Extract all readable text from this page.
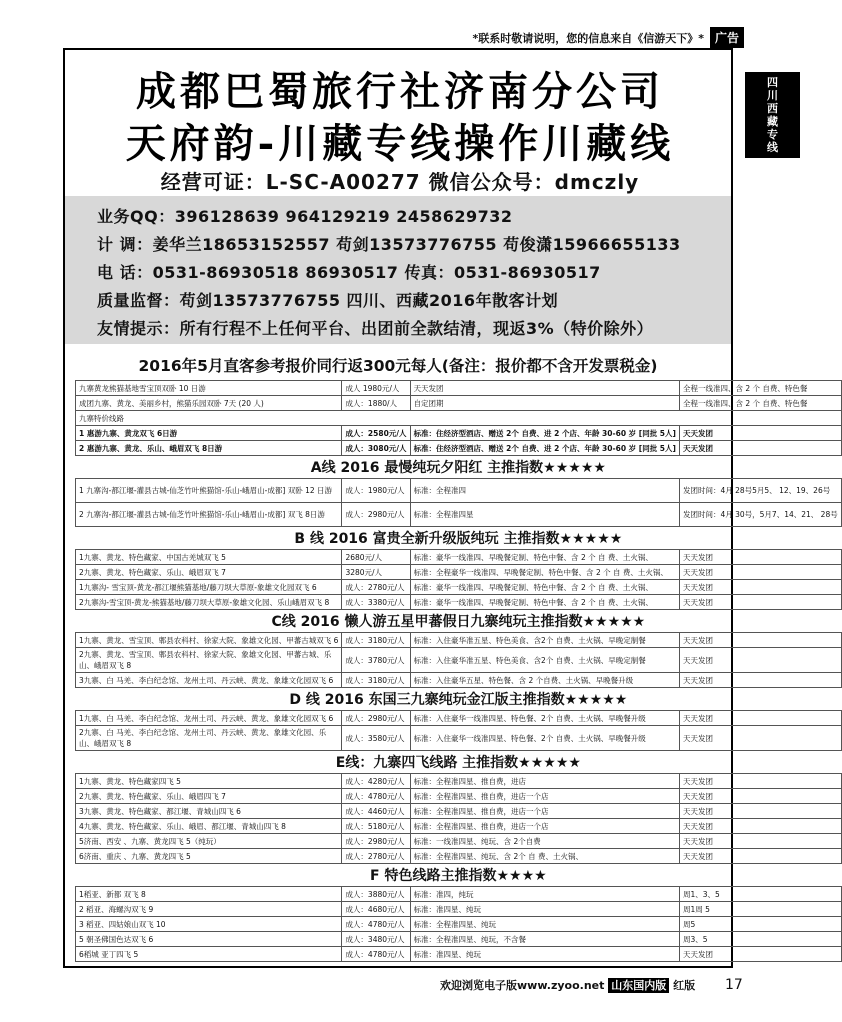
*联系时敬请说明，您的信息来自《信游天下》* 广告
四
川
西
藏
专
线
成都巴蜀旅行社济南分公司
天府韵-川藏专线操作川藏线
经营可证：L-SC-A00277 微信公众号：dmczly
业务QQ：396128639 964129219 2458629732
计 调：姜华兰18653152557 苟剑13573776755 苟俊潇15966655133
电 话：0531-86930518 86930517 传真：0531-86930517
质量监督：苟剑13573776755 四川、西藏2016年散客计划
友情提示：所有行程不上任何平台、出团前全款结清，现返3%（特价除外）
2016年5月直客参考报价同行返300元每人(备注：报价都不含开发票税金)
九寨黄龙熊猫基地雪宝顶双卧 10 日游	成人 1980元/人	天天发团	全程一线准四、含 2 个 自费、特色餐
成团九寨、黄龙、美丽乡村，熊猫乐园双卧 7天 (20 人)	成人：1880/人	自定团期	全程一线准四、含 2 个 自费、特色餐
九寨特价线路			
1 惠游九寨、黄龙双飞 6日游	成人：2580元/人	标准：住经济型酒店、赠送 2个 自费、进 2 个店、年龄 30-60 岁 [同批 5人]	天天发团
2 惠游九寨、黄龙、乐山、峨眉双飞 8日游	成人：3080元/人	标准：住经济型酒店、赠送 2个 自费、进 2 个店、年龄 30-60 岁 [同批 5人]	天天发团
A线 2016 最慢纯玩夕阳红 主推指数★★★★★			
1 九寨沟-都江堰-灌县古城-仙芝竹叶熊猫馆-乐山-峨眉山-成都] 双卧 12 日游	成人：1980元/人	标准：全程准四	发团时间：4月 28号5月5、 12、19、26号
2 九寨沟-都江堰-灌县古城-仙芝竹叶熊猫馆-乐山-峨眉山-成都] 双飞 8日游	成人：2980元/人	标准：全程准四星	发团时间：4月 30号，5月7、14、21、 28号
B 线 2016 富贵全新升级版纯玩 主推指数★★★★★			
1九寨、黄龙、特色藏家、中国古羌城双飞 5	2680元/人	标准：豪华一线准四、早晚餐定制、特色中餐、含 2 个 自 费、土火锅、	天天发团
2九寨、黄龙、特色藏家、乐山、峨眉双飞 7	3280元/人	标准：全程豪华一线准四、早晚餐定制、特色中餐、含 2 个 自 费、土火锅、	天天发团
1九寨沟- 雪宝顶-黄龙-都江堰熊猫基地/藤刀坝大草原-象雄文化园双飞 6	成人：2780元/人	标准：豪华一线准四、早晚餐定制、特色中餐、含 2 个 自 费、土火锅、	天天发团
2九寨沟-雪宝顶-黄龙-熊猫基地/藤刀坝大草原-象雄文化园、乐山峨眉双飞 8	成人：3380元/人	标准：豪华一线准四、早晚餐定制、特色中餐、含 2 个 自 费、土火锅、	天天发团
C线 2016 懒人游五星甲蕃假日九寨纯玩主推指数★★★★★			
1九寨、黄龙、雪宝顶、郫县农科村、徐家大院、象雄文化园、甲蕃古城双飞 6	成人：3180元/人	标准：入住豪华准五星、特色美食、含2个 自费、土火锅、早晚定制餐	天天发团
2九寨、黄龙、雪宝顶、郫县农科村、徐家大院、象雄文化园、甲蕃古城、乐山、峨眉双飞 8	成人：3780元/人	标准：入住豪华准五星、特色美食、含2个 自费、土火锅、早晚定制餐	天天发团
3九寨、白 马羌、李白纪念馆、龙州土司、丹云峡、黄龙、象雄文化园双飞 6	成人：3180元/人	标准：入住豪华五星、特色餐、含 2 个自费、土火锅、早晚餐升级	天天发团
D 线 2016 东国三九寨纯玩金江版主推指数★★★★★			
1九寨、白 马羌、李白纪念馆、龙州土司、丹云峡、黄龙、象雄文化园双飞 6	成人：2980元/人	标准：入住豪华一线准四星、特色餐、2个 自费、土火锅、早晚餐升级	天天发团
2九寨、白 马羌、李白纪念馆、龙州土司、丹云峡、黄龙、象雄文化园、乐山、峨眉双飞 8	成人：3580元/人	标准：入住豪华一线准四星、特色餐、2个 自费、土火锅、早晚餐升级	天天发团
E线：九寨四飞线路 主推指数★★★★★			
1九寨、黄龙、特色藏家四飞 5	成人：4280元/人	标准：全程准四星、推自费，进店	天天发团
2九寨、黄龙、特色藏家、乐山、峨眉四飞 7	成人：4780元/人	标准：全程准四星、推自费，进店一个店	天天发团
3九寨、黄龙、特色藏家、都江堰、青城山四飞 6	成人：4460元/人	标准：全程准四星、推自费，进店一个店	天天发团
4九寨、黄龙、特色藏家、乐山、峨眉、都江堰、青城山四飞 8	成人：5180元/人	标准：全程准四星、推自费，进店一个店	天天发团
5济南、西安 、九寨、黄龙四飞 5（纯玩）	成人：2980元/人	标准：一线准四星、纯玩、含 2个自费	天天发团
6济南、重庆 、九寨、黄龙四飞 5	成人：2780元/人	标准：全程准四星、纯玩、含 2个 自 费、土火锅、	天天发团
F 特色线路主推指数★★★★			
1稻亚、新都 双飞 8	成人：3880元/人	标准：准四，纯玩	周1、3、5
2 稻亚、海螺沟双飞 9	成人：4680元/人	标准：准四星、纯玩	周1周 5
3 稻亚、四姑娘山双飞 10	成人：4780元/人	标准：全程准四星、纯玩	周5
5 朝圣佛国色达双飞 6	成人：3480元/人	标准：全程准四星、纯玩，不含餐	周3、5
6稻城 亚丁四飞 5	成人：4780元/人	标准：准四星、纯玩	天天发团
欢迎浏览电子版www.zyoo.net 山东国内版 红版 17
